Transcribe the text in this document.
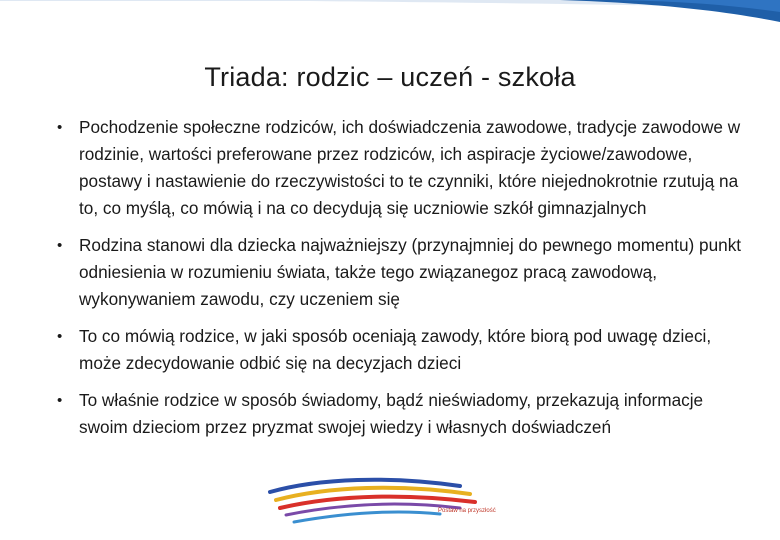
Triada: rodzic – uczeń - szkoła
• Pochodzenie społeczne rodziców, ich doświadczenia zawodowe, tradycje zawodowe w rodzinie, wartości preferowane przez rodziców, ich aspiracje życiowe/zawodowe, postawy i nastawienie do rzeczywistości to te czynniki, które niejednokrotnie rzutują na to, co myślą, co mówią i na co decydują się uczniowie szkół gimnazjalnych
• Rodzina stanowi dla dziecka najważniejszy (przynajmniej do pewnego momentu) punkt odniesienia w rozumieniu świata, także tego związanegoz pracą zawodową, wykonywaniem zawodu, czy uczeniem się
• To co mówią rodzice, w jaki sposób oceniają zawody, które biorą pod uwagę dzieci, może zdecydowanie odbić się na decyzjach dzieci
• To właśnie rodzice w sposób świadomy, bądź nieświadomy, przekazują informacje swoim dzieciom przez pryzmat swojej wiedzy i własnych doświadczeń
Postaw na przyszłość
